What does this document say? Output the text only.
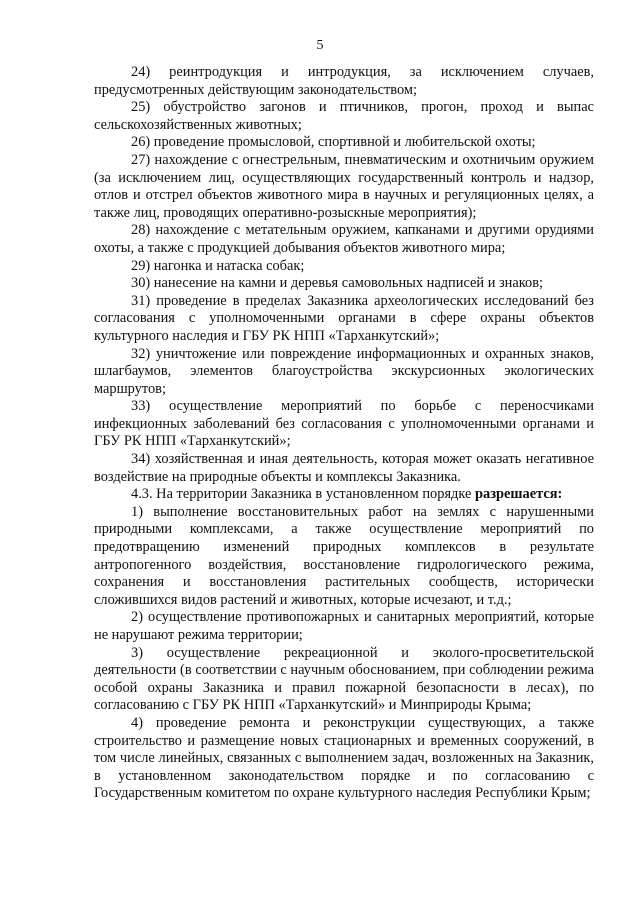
5

24) реинтродукция и интродукция, за исключением случаев, предусмотренных действующим законодательством;

25) обустройство загонов и птичников, прогон, проход и выпас сельскохозяйственных животных;

26) проведение промысловой, спортивной и любительской охоты;

27) нахождение с огнестрельным, пневматическим и охотничьим оружием (за исключением лиц, осуществляющих государственный контроль и надзор, отлов и отстрел объектов животного мира в научных и регуляционных целях, а также лиц, проводящих оперативно-розыскные мероприятия);

28) нахождение с метательным оружием, капканами и другими орудиями охоты, а также с продукцией добывания объектов животного мира;

29) нагонка и натаска собак;

30) нанесение на камни и деревья самовольных надписей и знаков;

31) проведение в пределах Заказника археологических исследований без согласования с уполномоченными органами в сфере охраны объектов культурного наследия и ГБУ РК НПП «Тарханкутский»;

32) уничтожение или повреждение информационных и охранных знаков, шлагбаумов, элементов благоустройства экскурсионных экологических маршрутов;

33) осуществление мероприятий по борьбе с переносчиками инфекционных заболеваний без согласования с уполномоченными органами и ГБУ РК НПП «Тарханкутский»;

34) хозяйственная и иная деятельность, которая может оказать негативное воздействие на природные объекты и комплексы Заказника.

4.3. На территории Заказника в установленном порядке разрешается:

1) выполнение восстановительных работ на землях с нарушенными природными комплексами, а также осуществление мероприятий по предотвращению изменений природных комплексов в результате антропогенного воздействия, восстановление гидрологического режима, сохранения и восстановления растительных сообществ, исторически сложившихся видов растений и животных, которые исчезают, и т.д.;

2) осуществление противопожарных и санитарных мероприятий, которые не нарушают режима территории;

3) осуществление рекреационной и эколого-просветительской деятельности (в соответствии с научным обоснованием, при соблюдении режима особой охраны Заказника и правил пожарной безопасности в лесах), по согласованию с ГБУ РК НПП «Тарханкутский» и Минприроды Крыма;

4) проведение ремонта и реконструкции существующих, а также строительство и размещение новых стационарных и временных сооружений, в том числе линейных, связанных с выполнением задач, возложенных на Заказник, в установленном законодательством порядке и по согласованию с Государственным комитетом по охране культурного наследия Республики Крым;
